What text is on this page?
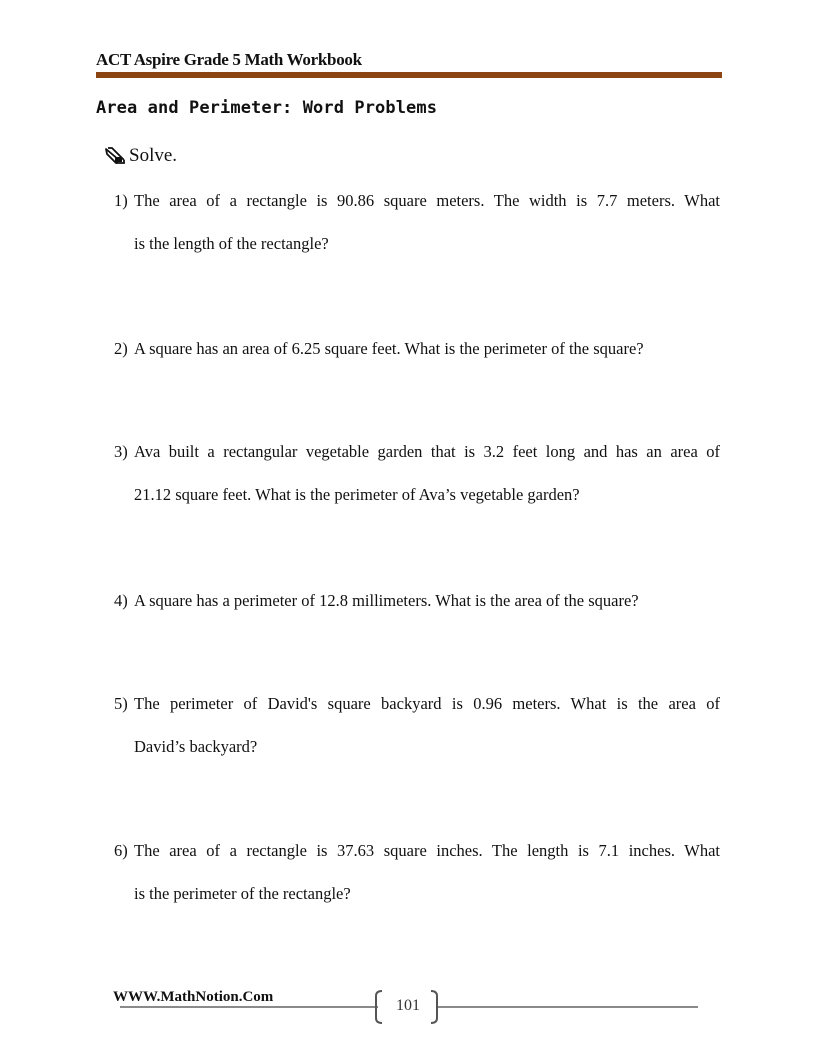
ACT Aspire Grade 5 Math Workbook
Area and Perimeter: Word Problems
Solve.
1) The area of a rectangle is 90.86 square meters. The width is 7.7 meters. What
is the length of the rectangle?
2) A square has an area of 6.25 square feet. What is the perimeter of the square?
3) Ava built a rectangular vegetable garden that is 3.2 feet long and has an area of
21.12 square feet. What is the perimeter of Ava’s vegetable garden?
4) A square has a perimeter of 12.8 millimeters. What is the area of the square?
5) The perimeter of David's square backyard is 0.96 meters. What is the area of
David’s backyard?
6) The area of a rectangle is 37.63 square inches. The length is 7.1 inches. What
is the perimeter of the rectangle?
WWW.MathNotion.Com	101
